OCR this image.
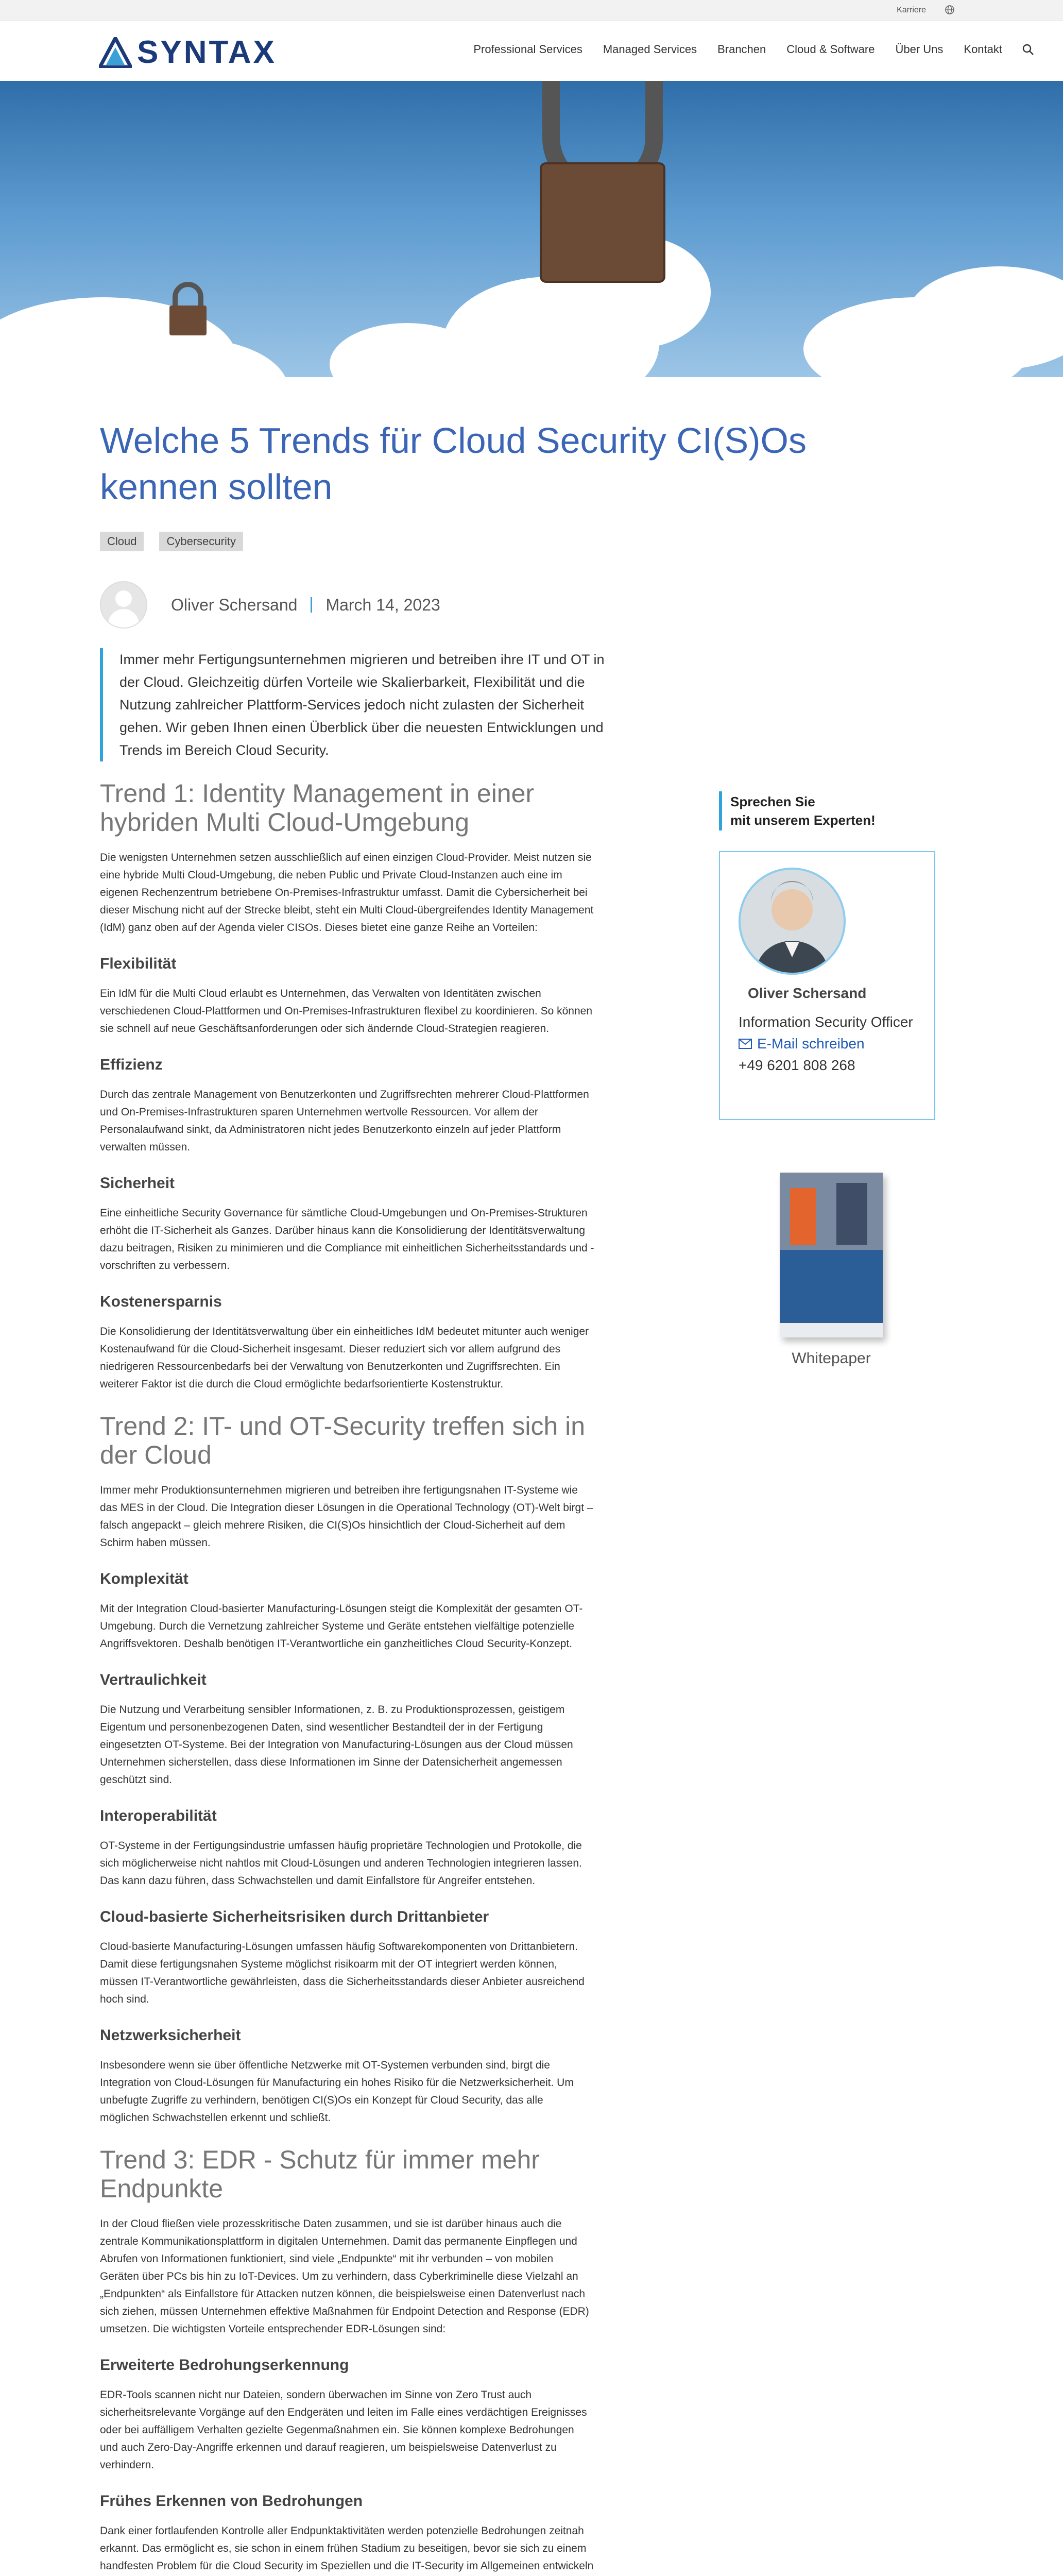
Karriere
SYNTAX	Professional Services Managed Services Branchen Cloud & Software Über Uns Kontakt
Welche 5 Trends für Cloud Security CI(S)Os kennen sollten
Cloud	Cybersecurity
Oliver Schersand March 14, 2023
Immer mehr Fertigungsunternehmen migrieren und betreiben ihre IT und OT in der Cloud. Gleichzeitig dürfen Vorteile wie Skalierbarkeit, Flexibilität und die Nutzung zahlreicher Plattform-Services jedoch nicht zulasten der Sicherheit gehen. Wir geben Ihnen einen Überblick über die neuesten Entwicklungen und Trends im Bereich Cloud Security.
Trend 1: Identity Management in einer hybriden Multi Cloud-Umgebung

Die wenigsten Unternehmen setzen ausschließlich auf einen einzigen Cloud-Provider. Meist nutzen sie eine hybride Multi Cloud-Umgebung, die neben Public und Private Cloud-Instanzen auch eine im eigenen Rechenzentrum betriebene On-Premises-Infrastruktur umfasst. Damit die Cybersicherheit bei dieser Mischung nicht auf der Strecke bleibt, steht ein Multi Cloud-übergreifendes Identity Management (IdM) ganz oben auf der Agenda vieler CISOs. Dieses bietet eine ganze Reihe an Vorteilen:

Flexibilität

Ein IdM für die Multi Cloud erlaubt es Unternehmen, das Verwalten von Identitäten zwischen verschiedenen Cloud-Plattformen und On-Premises-Infrastrukturen flexibel zu koordinieren. So können sie schnell auf neue Geschäftsanforderungen oder sich ändernde Cloud-Strategien reagieren.

Effizienz

Durch das zentrale Management von Benutzerkonten und Zugriffsrechten mehrerer Cloud-Plattformen und On-Premises-Infrastrukturen sparen Unternehmen wertvolle Ressourcen. Vor allem der Personalaufwand sinkt, da Administratoren nicht jedes Benutzerkonto einzeln auf jeder Plattform verwalten müssen.

Sicherheit

Eine einheitliche Security Governance für sämtliche Cloud-Umgebungen und On-Premises-Strukturen erhöht die IT-Sicherheit als Ganzes. Darüber hinaus kann die Konsolidierung der Identitätsverwaltung dazu beitragen, Risiken zu minimieren und die Compliance mit einheitlichen Sicherheitsstandards und -vorschriften zu verbessern.

Kostenersparnis

Die Konsolidierung der Identitätsverwaltung über ein einheitliches IdM bedeutet mitunter auch weniger Kostenaufwand für die Cloud-Sicherheit insgesamt. Dieser reduziert sich vor allem aufgrund des niedrigeren Ressourcenbedarfs bei der Verwaltung von Benutzerkonten und Zugriffsrechten. Ein weiterer Faktor ist die durch die Cloud ermöglichte bedarfsorientierte Kostenstruktur.

Trend 2: IT- und OT-Security treffen sich in der Cloud

Immer mehr Produktionsunternehmen migrieren und betreiben ihre fertigungsnahen IT-Systeme wie das MES in der Cloud. Die Integration dieser Lösungen in die Operational Technology (OT)-Welt birgt – falsch angepackt – gleich mehrere Risiken, die CI(S)Os hinsichtlich der Cloud-Sicherheit auf dem Schirm haben müssen.

Komplexität

Mit der Integration Cloud-basierter Manufacturing-Lösungen steigt die Komplexität der gesamten OT-Umgebung. Durch die Vernetzung zahlreicher Systeme und Geräte entstehen vielfältige potenzielle Angriffsvektoren. Deshalb benötigen IT-Verantwortliche ein ganzheitliches Cloud Security-Konzept.

Vertraulichkeit

Die Nutzung und Verarbeitung sensibler Informationen, z. B. zu Produktionsprozessen, geistigem Eigentum und personenbezogenen Daten, sind wesentlicher Bestandteil der in der Fertigung eingesetzten OT-Systeme. Bei der Integration von Manufacturing-Lösungen aus der Cloud müssen Unternehmen sicherstellen, dass diese Informationen im Sinne der Datensicherheit angemessen geschützt sind.

Interoperabilität

OT-Systeme in der Fertigungsindustrie umfassen häufig proprietäre Technologien und Protokolle, die sich möglicherweise nicht nahtlos mit Cloud-Lösungen und anderen Technologien integrieren lassen. Das kann dazu führen, dass Schwachstellen und damit Einfallstore für Angreifer entstehen.

Cloud-basierte Sicherheitsrisiken durch Drittanbieter

Cloud-basierte Manufacturing-Lösungen umfassen häufig Softwarekomponenten von Drittanbietern. Damit diese fertigungsnahen Systeme möglichst risikoarm mit der OT integriert werden können, müssen IT-Verantwortliche gewährleisten, dass die Sicherheitsstandards dieser Anbieter ausreichend hoch sind.

Netzwerksicherheit

Insbesondere wenn sie über öffentliche Netzwerke mit OT-Systemen verbunden sind, birgt die Integration von Cloud-Lösungen für Manufacturing ein hohes Risiko für die Netzwerksicherheit. Um unbefugte Zugriffe zu verhindern, benötigen CI(S)Os ein Konzept für Cloud Security, das alle möglichen Schwachstellen erkennt und schließt.

Trend 3: EDR - Schutz für immer mehr Endpunkte

In der Cloud fließen viele prozesskritische Daten zusammen, und sie ist darüber hinaus auch die zentrale Kommunikationsplattform in digitalen Unternehmen. Damit das permanente Einpflegen und Abrufen von Informationen funktioniert, sind viele „Endpunkte“ mit ihr verbunden – von mobilen Geräten über PCs bis hin zu IoT-Devices. Um zu verhindern, dass Cyberkriminelle diese Vielzahl an „Endpunkten“ als Einfallstore für Attacken nutzen können, die beispielsweise einen Datenverlust nach sich ziehen, müssen Unternehmen effektive Maßnahmen für Endpoint Detection and Response (EDR) umsetzen. Die wichtigsten Vorteile entsprechender EDR-Lösungen sind:

Erweiterte Bedrohungserkennung

EDR-Tools scannen nicht nur Dateien, sondern überwachen im Sinne von Zero Trust auch sicherheitsrelevante Vorgänge auf den Endgeräten und leiten im Falle eines verdächtigen Ereignisses oder bei auffälligem Verhalten gezielte Gegenmaßnahmen ein. Sie können komplexe Bedrohungen und auch Zero-Day-Angriffe erkennen und darauf reagieren, um beispielsweise Datenverlust zu verhindern.

Frühes Erkennen von Bedrohungen

Dank einer fortlaufenden Kontrolle aller Endpunktaktivitäten werden potenzielle Bedrohungen zeitnah erkannt. Das ermöglicht es, sie schon in einem frühen Stadium zu beseitigen, bevor sie sich zu einem handfesten Problem für die Cloud Security im Speziellen und die IT-Security im Allgemeinen entwickeln

Sprechen Sie
mit unserem Experten!
Oliver Schersand
Information Security Officer
E-Mail schreiben
+49 6201 808 268
Whitepaper
